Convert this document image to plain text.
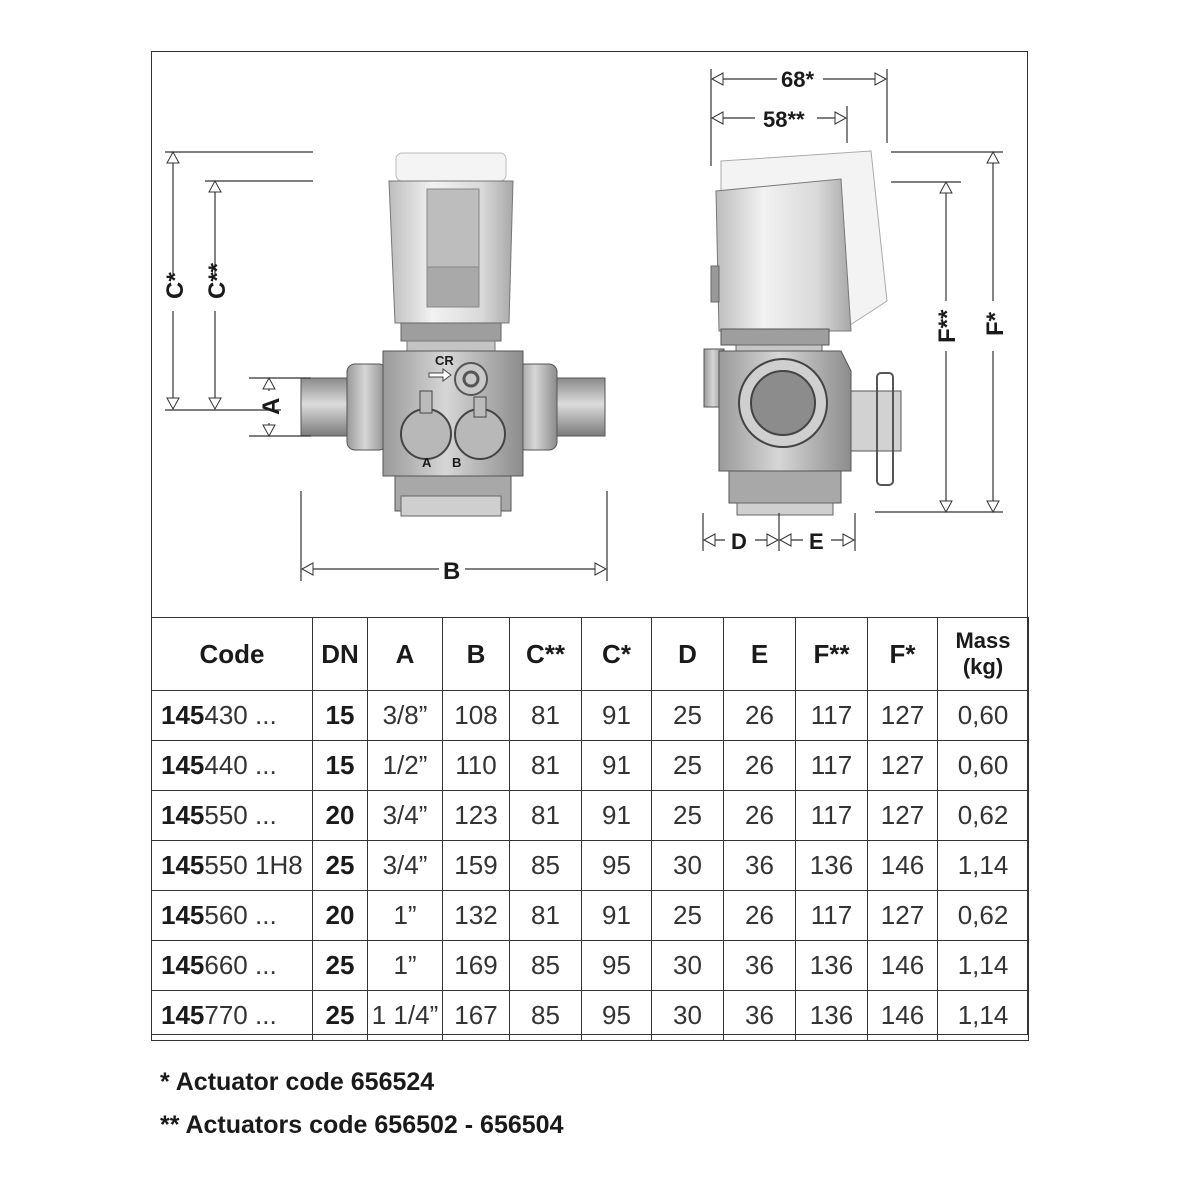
CR
A B
C* C**
A
B
68*
58**
F** F*
D	E
Code	DN	A	B	C**	C*	D	E	F**	F*	Mass
(kg)
145430 ...	15	3/8”	108	81	91	25	26	117	127	0,60
145440 ...	15	1/2”	110	81	91	25	26	117	127	0,60
145550 ...	20	3/4”	123	81	91	25	26	117	127	0,62
145550 1H8	25	3/4”	159	85	95	30	36	136	146	1,14
145560 ...	20	1”	132	81	91	25	26	117	127	0,62
145660 ...	25	1”	169	85	95	30	36	136	146	1,14
145770 ...	25	1 1/4”	167	85	95	30	36	136	146	1,14
* Actuator code 656524
** Actuators code 656502 - 656504
